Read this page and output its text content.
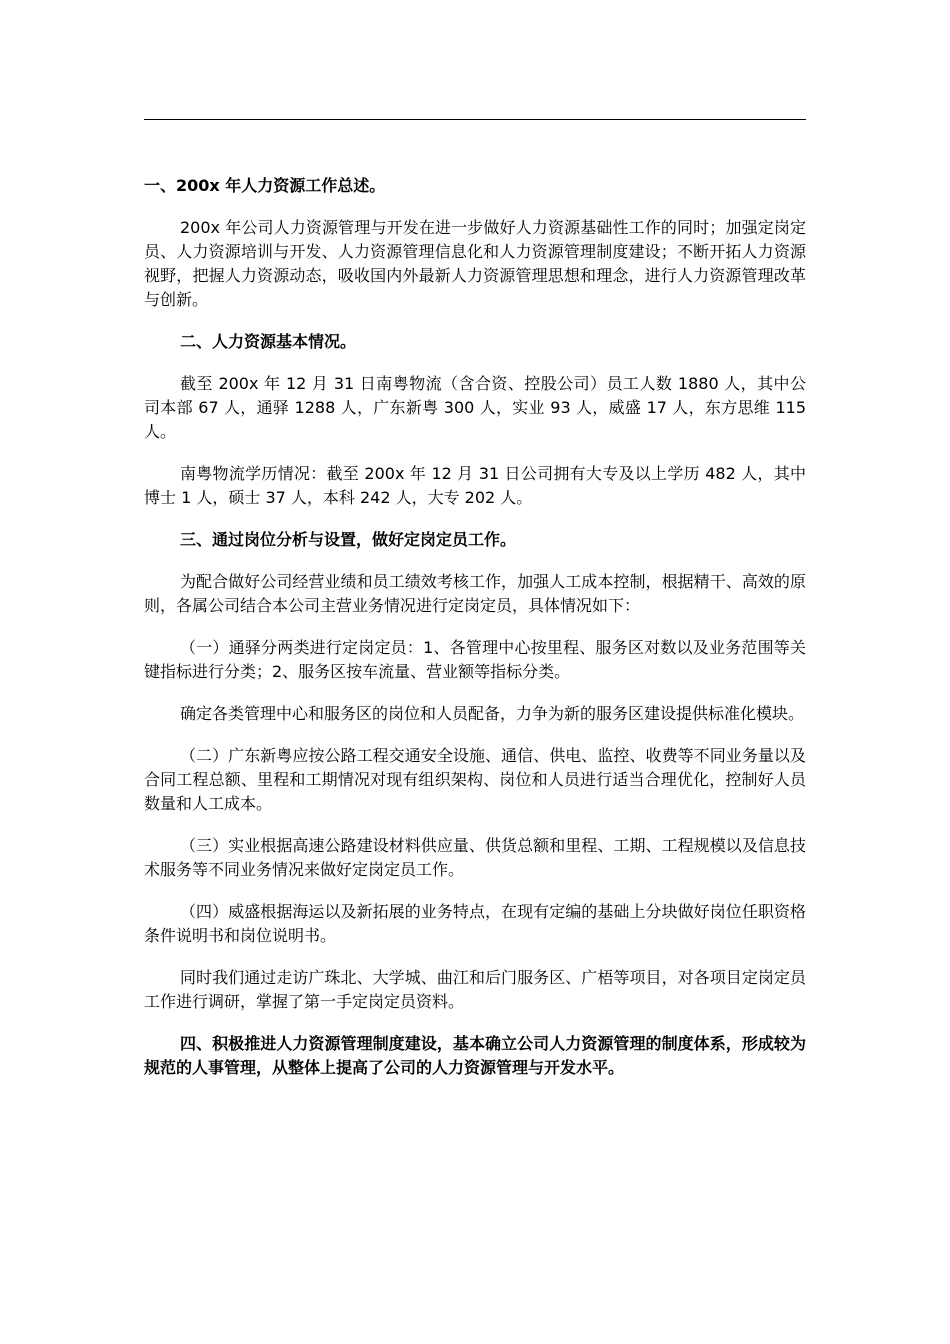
一、200x 年人力资源工作总述。

200x 年公司人力资源管理与开发在进一步做好人力资源基础性工作的同时；加强定岗定员、人力资源培训与开发、人力资源管理信息化和人力资源管理制度建设；不断开拓人力资源视野，把握人力资源动态，吸收国内外最新人力资源管理思想和理念，进行人力资源管理改革与创新。

二、人力资源基本情况。

截至 200x 年 12 月 31 日南粤物流（含合资、控股公司）员工人数 1880 人，其中公司本部 67 人，通驿 1288 人，广东新粤 300 人，实业 93 人，威盛 17 人，东方思维 115 人。

南粤物流学历情况：截至 200x 年 12 月 31 日公司拥有大专及以上学历 482 人，其中博士 1 人，硕士 37 人，本科 242 人，大专 202 人。

三、通过岗位分析与设置，做好定岗定员工作。

为配合做好公司经营业绩和员工绩效考核工作，加强人工成本控制，根据精干、高效的原则，各属公司结合本公司主营业务情况进行定岗定员，具体情况如下：

（一）通驿分两类进行定岗定员：1、各管理中心按里程、服务区对数以及业务范围等关键指标进行分类；2、服务区按车流量、营业额等指标分类。

确定各类管理中心和服务区的岗位和人员配备，力争为新的服务区建设提供标准化模块。

（二）广东新粤应按公路工程交通安全设施、通信、供电、监控、收费等不同业务量以及合同工程总额、里程和工期情况对现有组织架构、岗位和人员进行适当合理优化，控制好人员数量和人工成本。

（三）实业根据高速公路建设材料供应量、供货总额和里程、工期、工程规模以及信息技术服务等不同业务情况来做好定岗定员工作。

（四）威盛根据海运以及新拓展的业务特点，在现有定编的基础上分块做好岗位任职资格条件说明书和岗位说明书。

同时我们通过走访广珠北、大学城、曲江和后门服务区、广梧等项目，对各项目定岗定员工作进行调研，掌握了第一手定岗定员资料。

四、积极推进人力资源管理制度建设，基本确立公司人力资源管理的制度体系，形成较为规范的人事管理，从整体上提高了公司的人力资源管理与开发水平。
